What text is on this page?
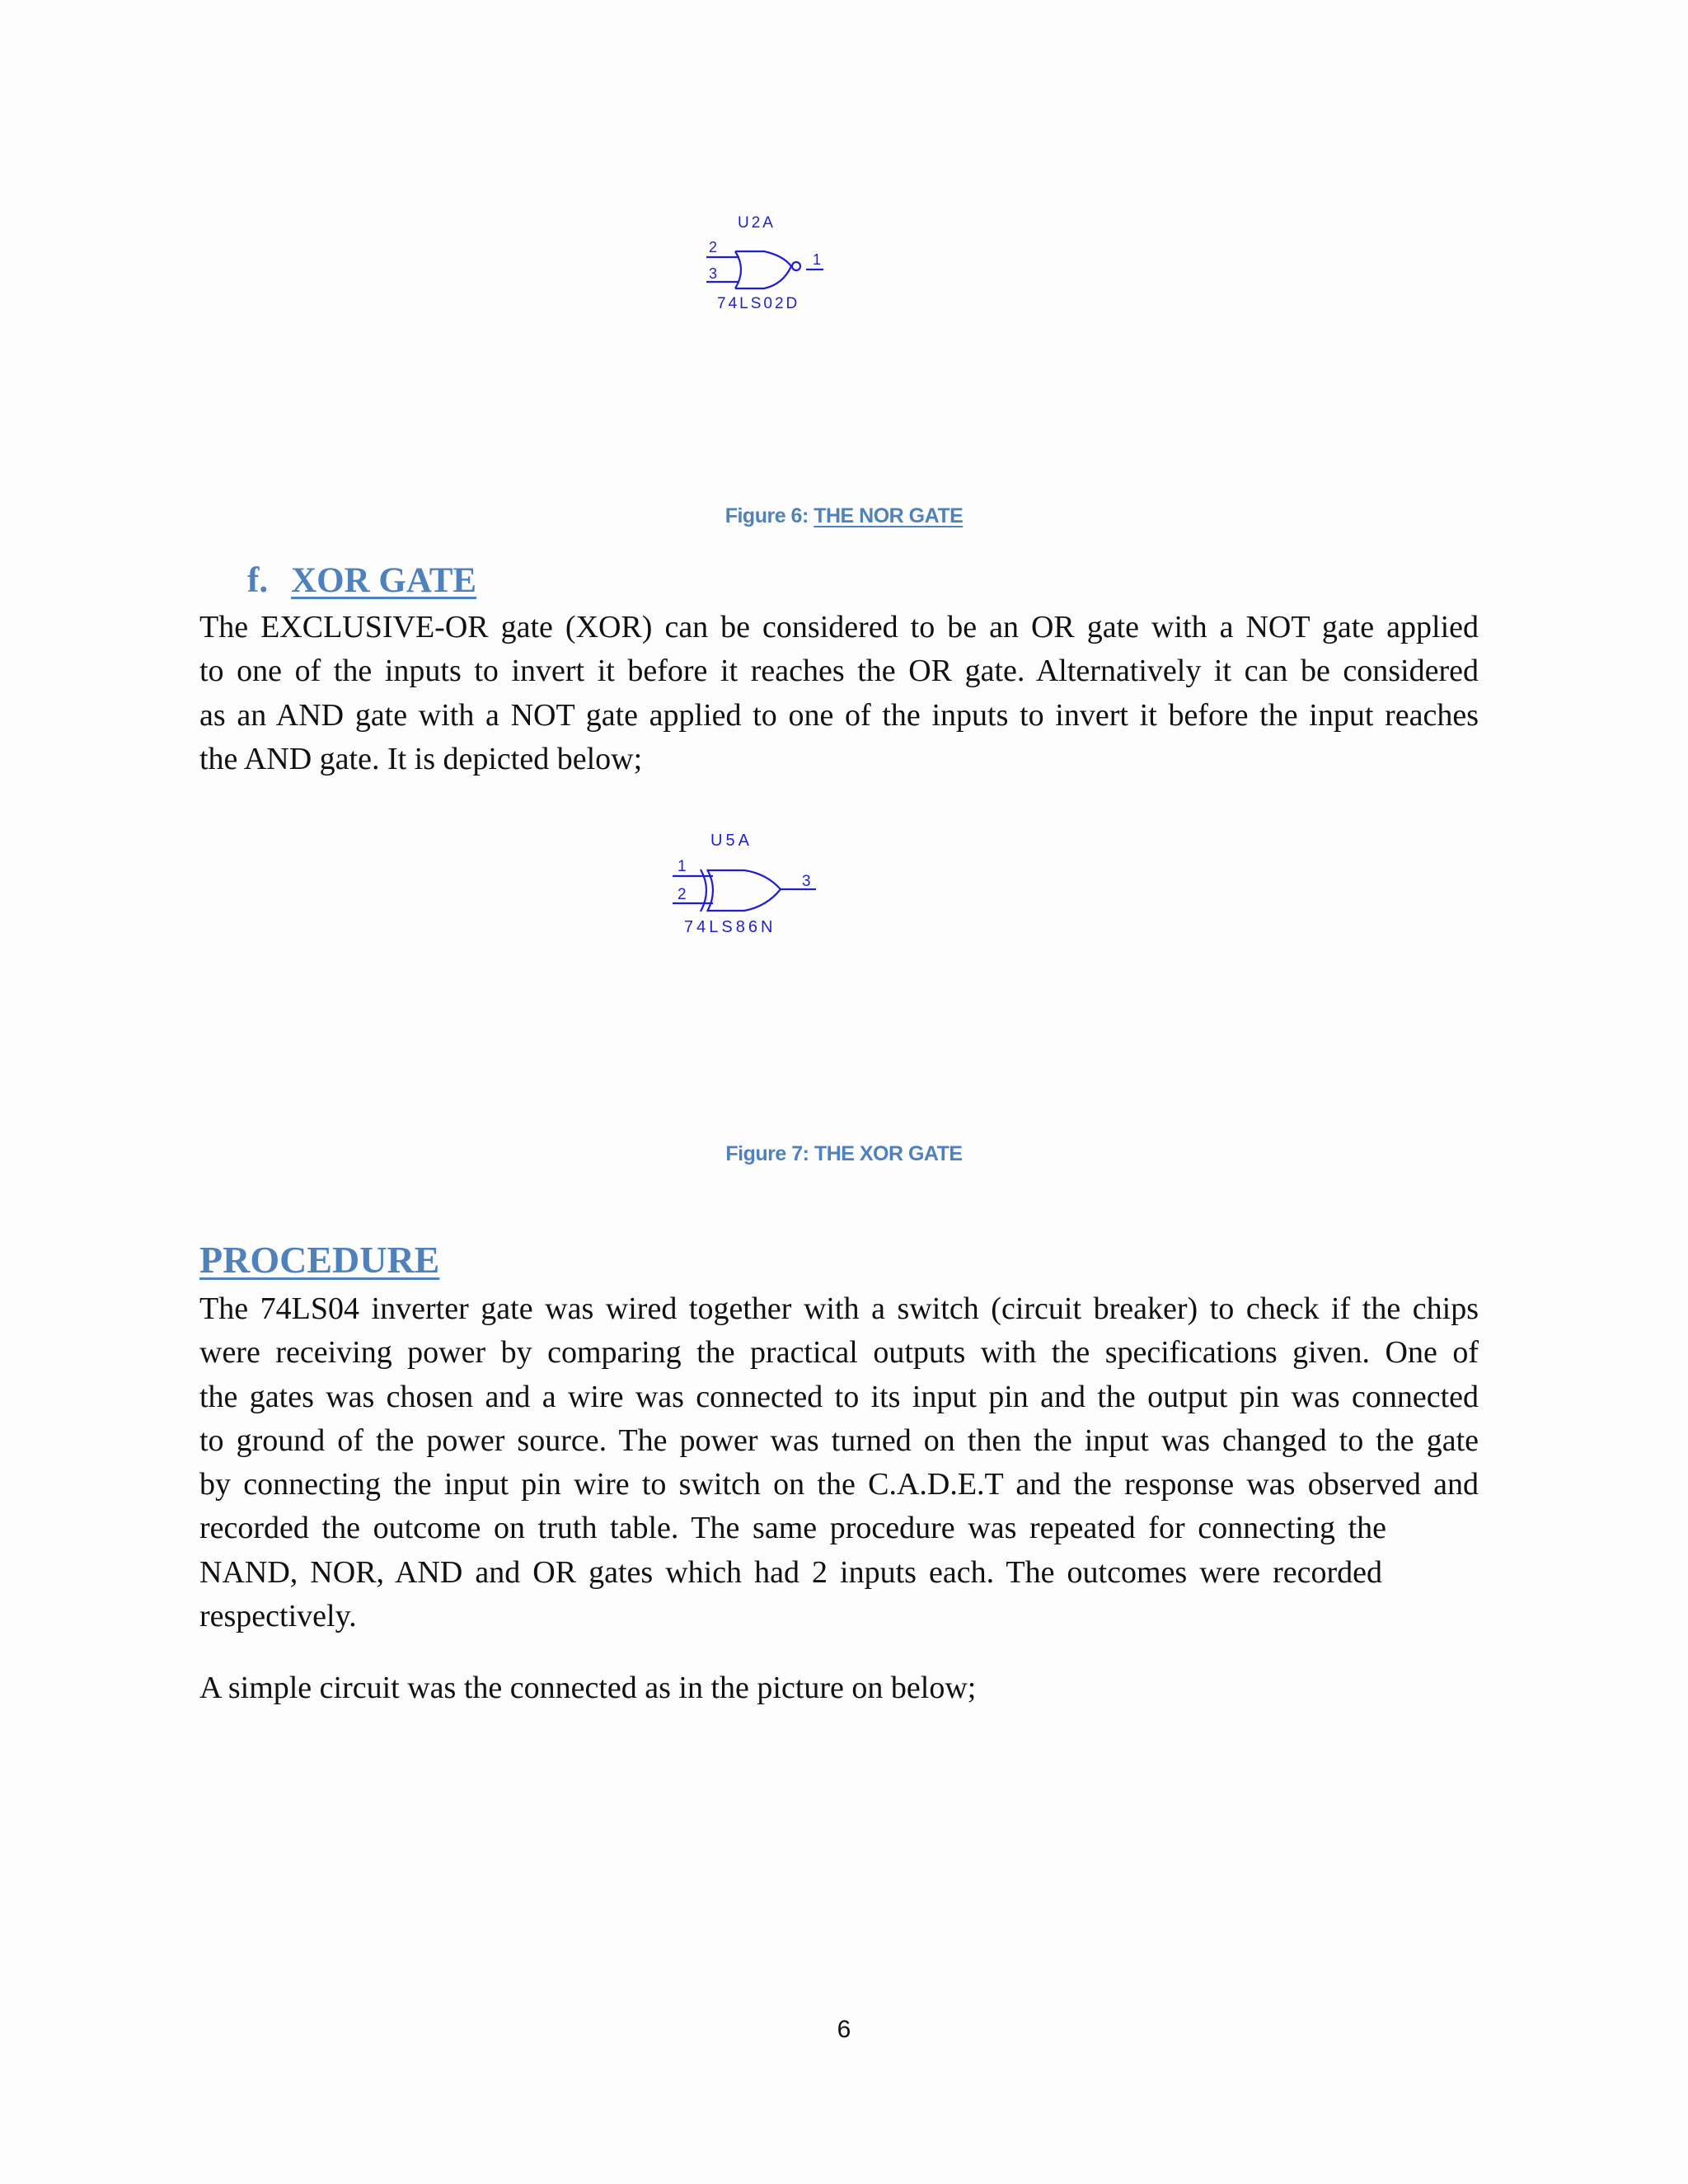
U2A
2
3
1
74LS02D
Figure 6: THE NOR GATE
f. XOR GATE
The EXCLUSIVE-OR gate (XOR) can be considered to be an OR gate with a NOT gate applied
to one of the inputs to invert it before it reaches the OR gate. Alternatively it can be considered
as an AND gate with a NOT gate applied to one of the inputs to invert it before the input reaches
the AND gate. It is depicted below;
U5A
1
2
3
74LS86N
Figure 7: THE XOR GATE
PROCEDURE
The 74LS04 inverter gate was wired together with a switch (circuit breaker) to check if the chips
were receiving power by comparing the practical outputs with the specifications given. One of
the gates was chosen and a wire was connected to its input pin and the output pin was connected
to ground of the power source. The power was turned on then the input was changed to the gate
by connecting the input pin wire to switch on the C.A.D.E.T and the response was observed and
recorded the outcome on truth table. The same procedure was repeated for connecting the
NAND, NOR, AND and OR gates which had 2 inputs each. The outcomes were recorded
respectively.
A simple circuit was the connected as in the picture on below;
6
